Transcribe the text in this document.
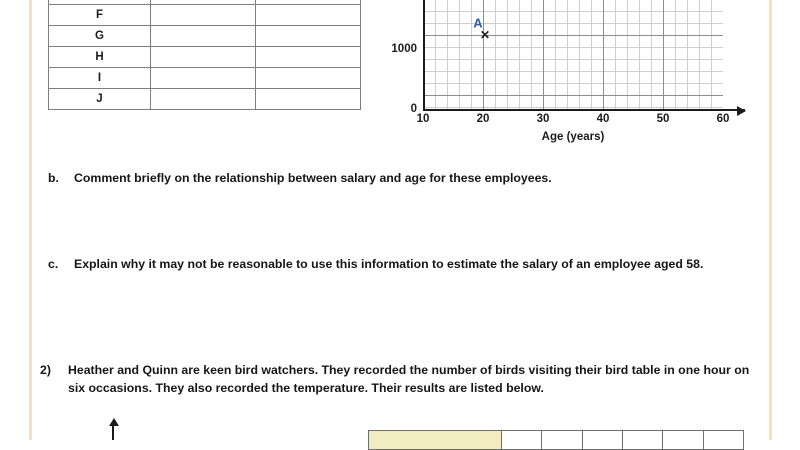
F		
G		
H		
I		
J		
0
1000
10	20	30	40	50	60
Age (years)
A
✕
b. Comment briefly on the relationship between salary and age for these employees.
c. Explain why it may not be reasonable to use this information to estimate the salary of an employee aged 58.
2) Heather and Quinn are keen bird watchers. They recorded the number of birds visiting their bird table in one hour on six occasions. They also recorded the temperature. Their results are listed below.
